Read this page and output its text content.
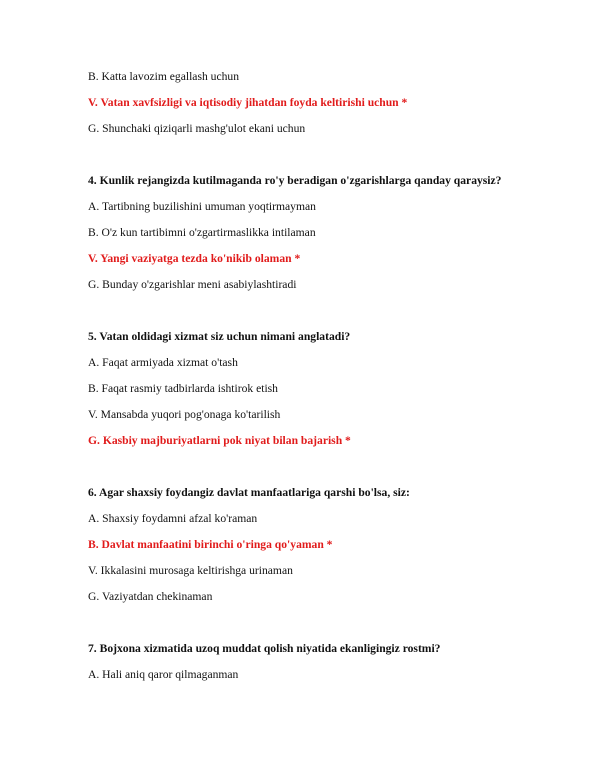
B. Katta lavozim egallash uchun
V. Vatan xavfsizligi va iqtisodiy jihatdan foyda keltirishi uchun *
G. Shunchaki qiziqarli mashg'ulot ekani uchun
4. Kunlik rejangizda kutilmaganda ro'y beradigan o'zgarishlarga qanday qaraysiz?
A. Tartibning buzilishini umuman yoqtirmayman
B. O'z kun tartibimni o'zgartirmaslikka intilaman
V. Yangi vaziyatga tezda ko'nikib olaman *
G. Bunday o'zgarishlar meni asabiylashtiradi
5. Vatan oldidagi xizmat siz uchun nimani anglatadi?
A. Faqat armiyada xizmat o'tash
B. Faqat rasmiy tadbirlarda ishtirok etish
V. Mansabda yuqori pog'onaga ko'tarilish
G. Kasbiy majburiyatlarni pok niyat bilan bajarish *
6. Agar shaxsiy foydangiz davlat manfaatlariga qarshi bo'lsa, siz:
A. Shaxsiy foydamni afzal ko'raman
B. Davlat manfaatini birinchi o'ringa qo'yaman *
V. Ikkalasini murosaga keltirishga urinaman
G. Vaziyatdan chekinaman
7. Bojxona xizmatida uzoq muddat qolish niyatida ekanligingiz rostmi?
A. Hali aniq qaror qilmaganman
